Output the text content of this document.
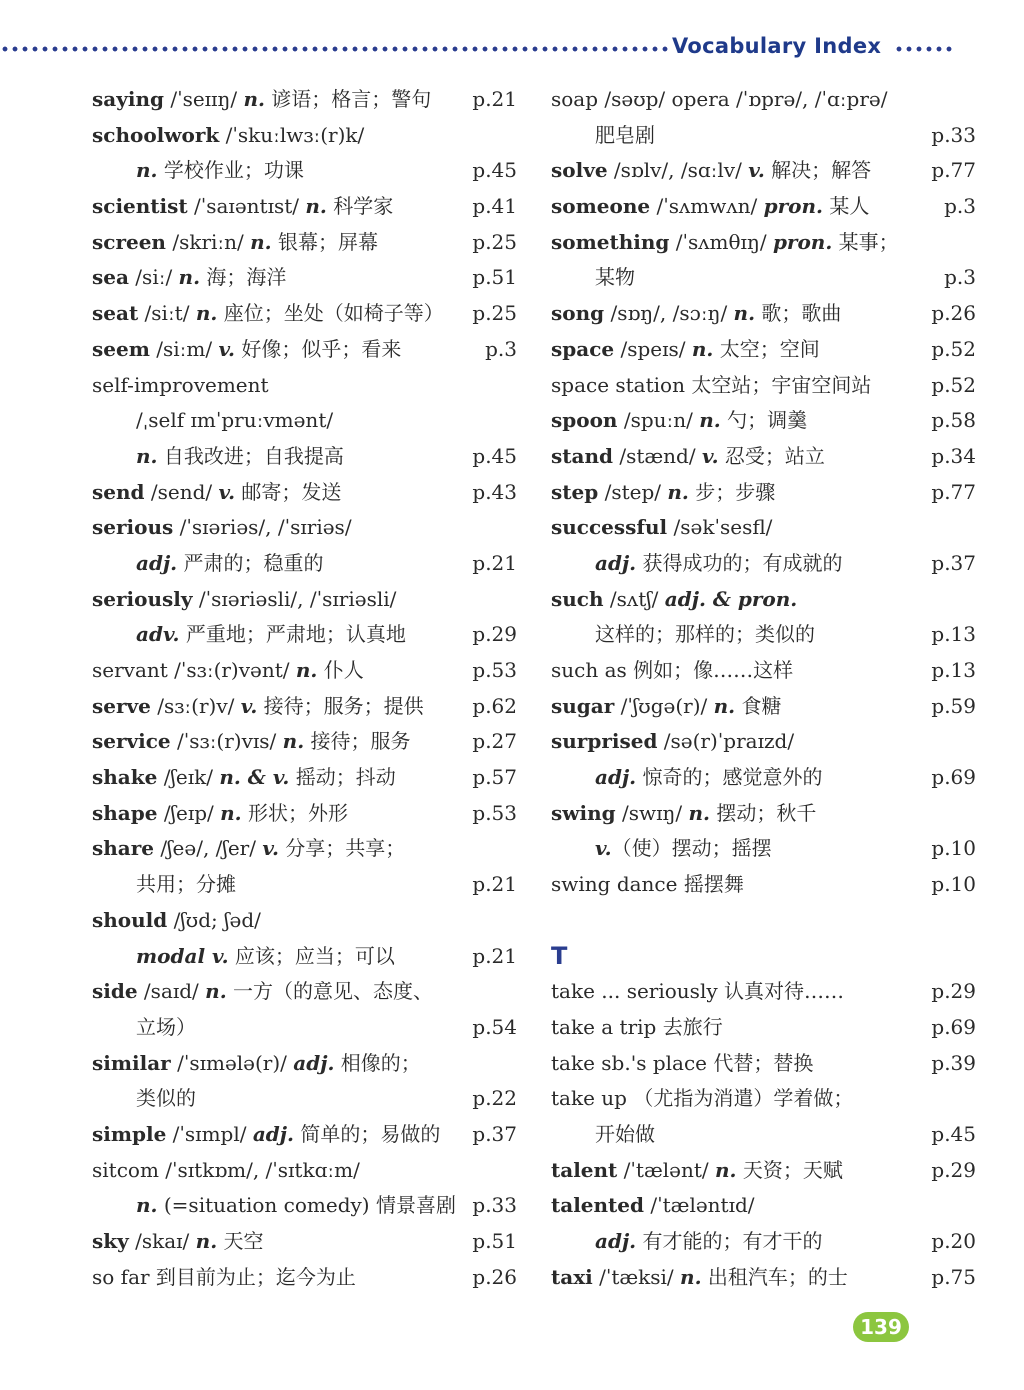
Vocabulary Index
saying /ˈseɪɪŋ/ n. 谚语；格言；警句 p.21
schoolwork /ˈskuːlwɜː(r)k/
n. 学校作业；功课	p.45
scientist /ˈsaɪəntɪst/ n. 科学家	p.41
screen /skriːn/ n. 银幕；屏幕	p.25
sea /siː/ n. 海；海洋	p.51
seat /siːt/ n. 座位；坐处（如椅子等） p.25
seem /siːm/ v. 好像；似乎；看来	p.3
self-improvement
/ˌself ɪmˈpruːvmənt/
n. 自我改进；自我提高	p.45
send /send/ v. 邮寄；发送	p.43
serious /ˈsɪəriəs/, /ˈsɪriəs/
adj. 严肃的；稳重的	p.21
seriously /ˈsɪəriəsli/, /ˈsɪriəsli/
adv. 严重地；严肃地；认真地	p.29
servant /ˈsɜː(r)vənt/ n. 仆人	p.53
serve /sɜː(r)v/ v. 接待；服务；提供 p.62
service /ˈsɜː(r)vɪs/ n. 接待；服务	p.27
shake /ʃeɪk/ n. & v. 摇动；抖动	p.57
shape /ʃeɪp/ n. 形状；外形	p.53
share /ʃeə/, /ʃer/ v. 分享；共享；
共用；分摊	p.21
should /ʃʊd; ʃəd/
modal v. 应该；应当；可以	p.21
side /saɪd/ n. 一方（的意见、态度、
立场）	p.54
similar /ˈsɪmələ(r)/ adj. 相像的；
类似的	p.22
simple /ˈsɪmpl/ adj. 简单的；易做的 p.37
sitcom /ˈsɪtkɒm/, /ˈsɪtkɑːm/
n. (=situation comedy) 情景喜剧 p.33
sky /skaɪ/ n. 天空	p.51
so far 到目前为止；迄今为止	p.26
soap /səʊp/ opera /ˈɒprə/, /ˈɑːprə/
肥皂剧	p.33
solve /sɒlv/, /sɑːlv/ v. 解决；解答	p.77
someone /ˈsʌmwʌn/ pron. 某人	p.3
something /ˈsʌmθɪŋ/ pron. 某事；
某物	p.3
song /sɒŋ/, /sɔːŋ/ n. 歌；歌曲	p.26
space /speɪs/ n. 太空；空间	p.52
space station 太空站；宇宙空间站	p.52
spoon /spuːn/ n. 勺；调羹	p.58
stand /stænd/ v. 忍受；站立	p.34
step /step/ n. 步；步骤	p.77
successful /səkˈsesfl/
adj. 获得成功的；有成就的	p.37
such /sʌtʃ/ adj. & pron.
这样的；那样的；类似的	p.13
such as 例如；像……这样	p.13
sugar /ˈʃʊgə(r)/ n. 食糖	p.59
surprised /sə(r)ˈpraɪzd/
adj. 惊奇的；感觉意外的	p.69
swing /swɪŋ/ n. 摆动；秋千
v.（使）摆动；摇摆	p.10
swing dance 摇摆舞	p.10
T
take ... seriously 认真对待……	p.29
take a trip 去旅行	p.69
take sb.'s place 代替；替换	p.39
take up （尤指为消遣）学着做；
开始做	p.45
talent /ˈtælənt/ n. 天资；天赋	p.29
talented /ˈtæləntɪd/
adj. 有才能的；有才干的	p.20
taxi /ˈtæksi/ n. 出租汽车；的士	p.75
139
